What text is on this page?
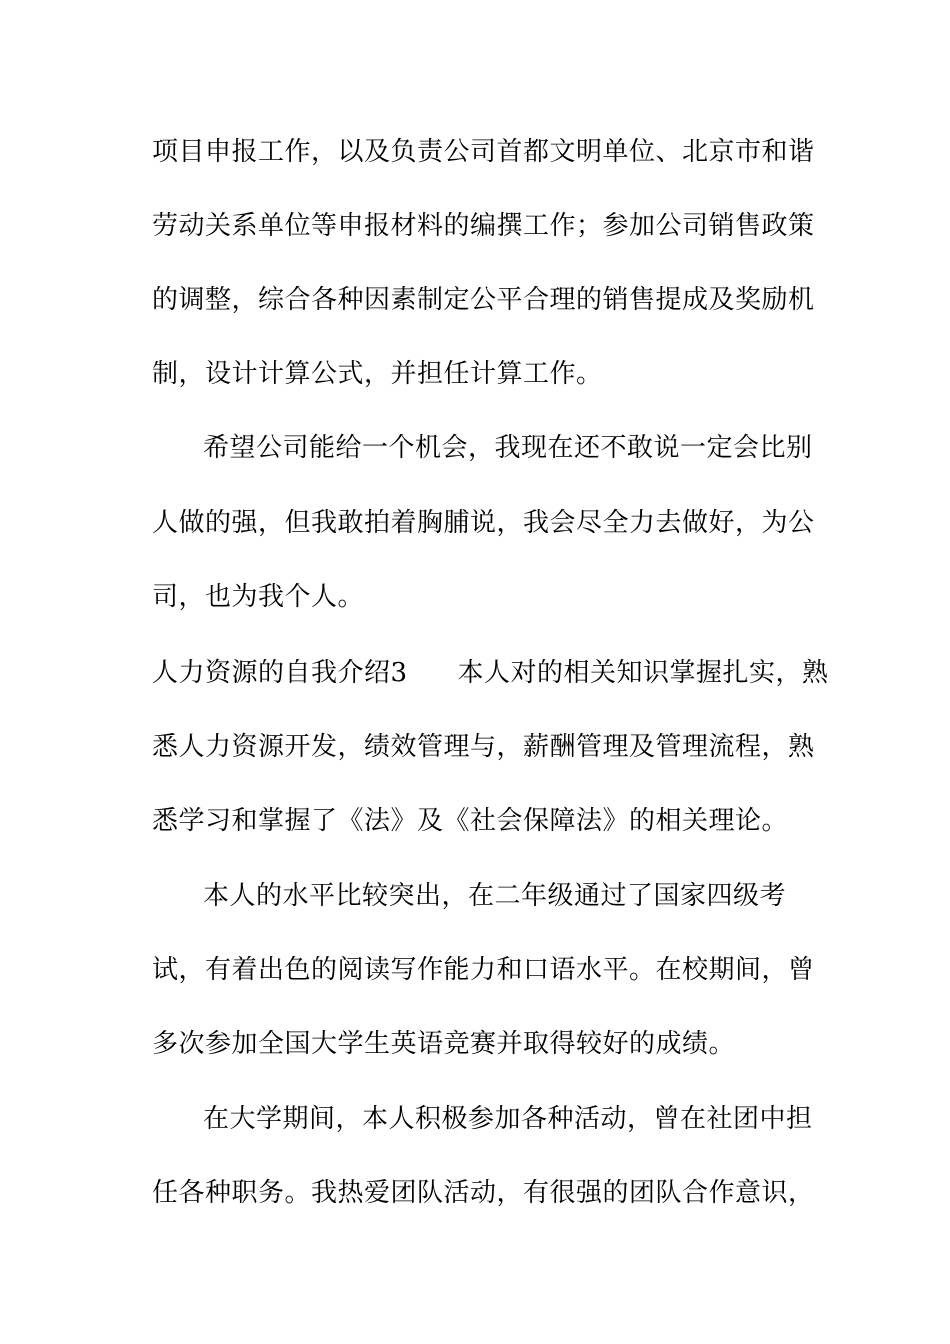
项目申报工作，以及负责公司首都文明单位、北京市和谐
劳动关系单位等申报材料的编撰工作；参加公司销售政策
的调整，综合各种因素制定公平合理的销售提成及奖励机
制，设计计算公式，并担任计算工作。
希望公司能给一个机会，我现在还不敢说一定会比别
人做的强，但我敢拍着胸脯说，我会尽全力去做好，为公
司，也为我个人。
人力资源的自我介绍3 本人对的相关知识掌握扎实，熟
悉人力资源开发，绩效管理与，薪酬管理及管理流程，熟
悉学习和掌握了《法》及《社会保障法》的相关理论。
本人的水平比较突出，在二年级通过了国家四级考
试，有着出色的阅读写作能力和口语水平。在校期间，曾
多次参加全国大学生英语竞赛并取得较好的成绩。
在大学期间，本人积极参加各种活动，曾在社团中担
任各种职务。我热爱团队活动，有很强的团队合作意识，
